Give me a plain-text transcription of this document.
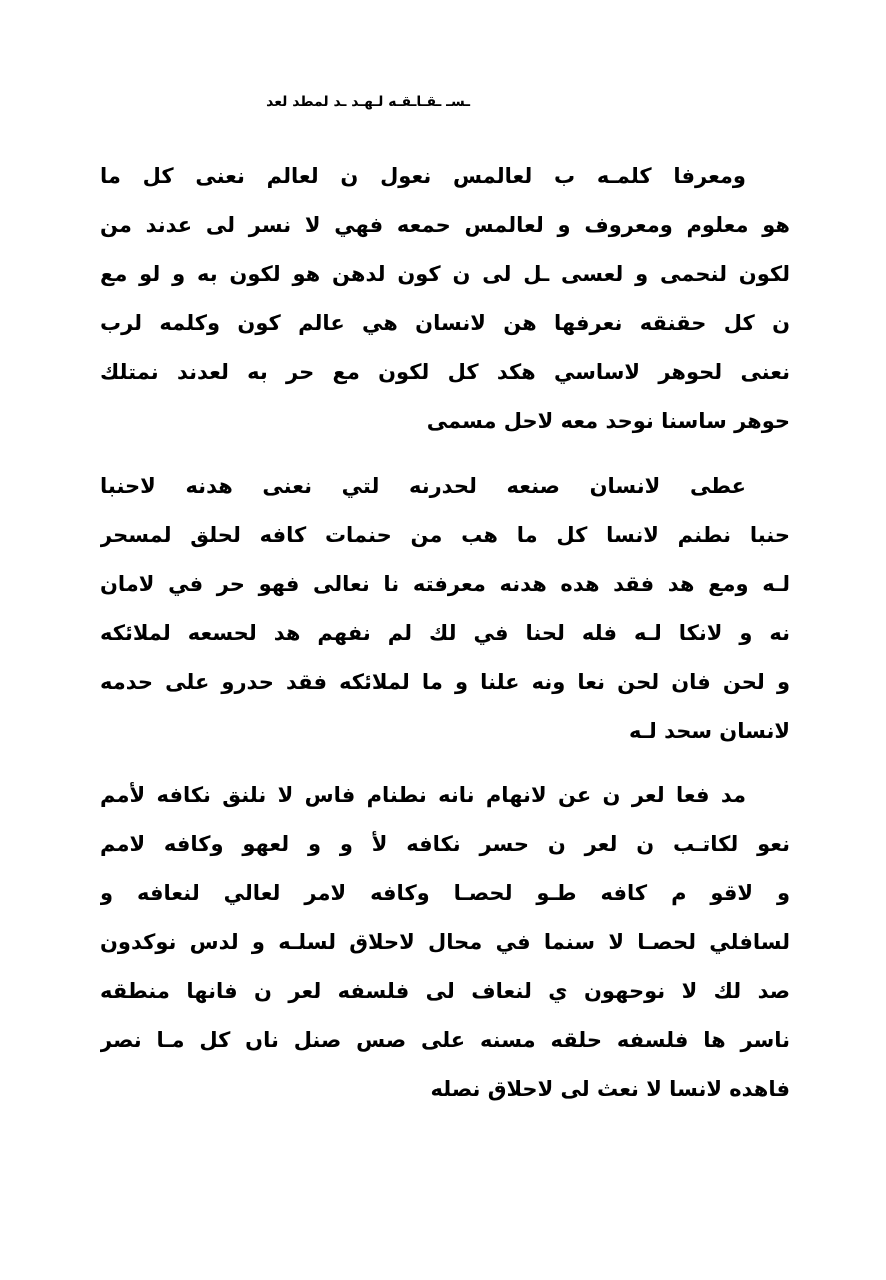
ـسـ ـقـاـقـه لـهـد ـد لمطد لعد
ومعرفا كلمـه ب لعالمس نعول ن لعالم نعنى كل ما
هو معلوم ومعروف و لعالمس حمعه فهي لا نسر لى عدند من
لكون لنحمى و لعسى ـل لى ن كون لدهن هو لكون به و لو مع
ن كل حقنقه نعرفها هن لانسان هي عالم كون وكلمه لرب
نعنى لحوهر لاساسي هكد كل لكون مع حر به لعدند نمتلك
حوهر ساسنا نوحد معه لاحل مسمى
عطى لانسان صنعه لحدرنه لتي نعنى هدنه لاحنبا
حنبا نطنم لانسا كل ما هب من حنمات كافه لحلق لمسحر
لـه ومع هد فقد هده هدنه معرفته نا نعالى فهو حر في لامان
نه و لانكا لـه فله لحنا في لك لم نفهم هد لحسعه لملائكه
و لحن فان لحن نعا ونه علنا و ما لملائكه فقد حدرو على حدمه
لانسان سحد لـه
مد فعا لعر ن عن لانهام نانه نطنام فاس لا نلنق نكافه لأمم
نعو لكاتـب ن لعر ن حسر نكافه لأ و و لعهو وكافه لامم
و لاقو م كافه طـو لحصـا وكافه لامر لعالي لنعافه و
لسافلي لحصـا لا سنما في محال لاحلاق لسلـه و لدس نوكدون
صد لك لا نوحهون ي لنعاف لى فلسفه لعر ن فانها منطقه
ناسر ها فلسفه حلقه مسنه على صس صنل ناں كل مـا نصر
فاهده لانسا لا نعث لى لاحلاق نصله
